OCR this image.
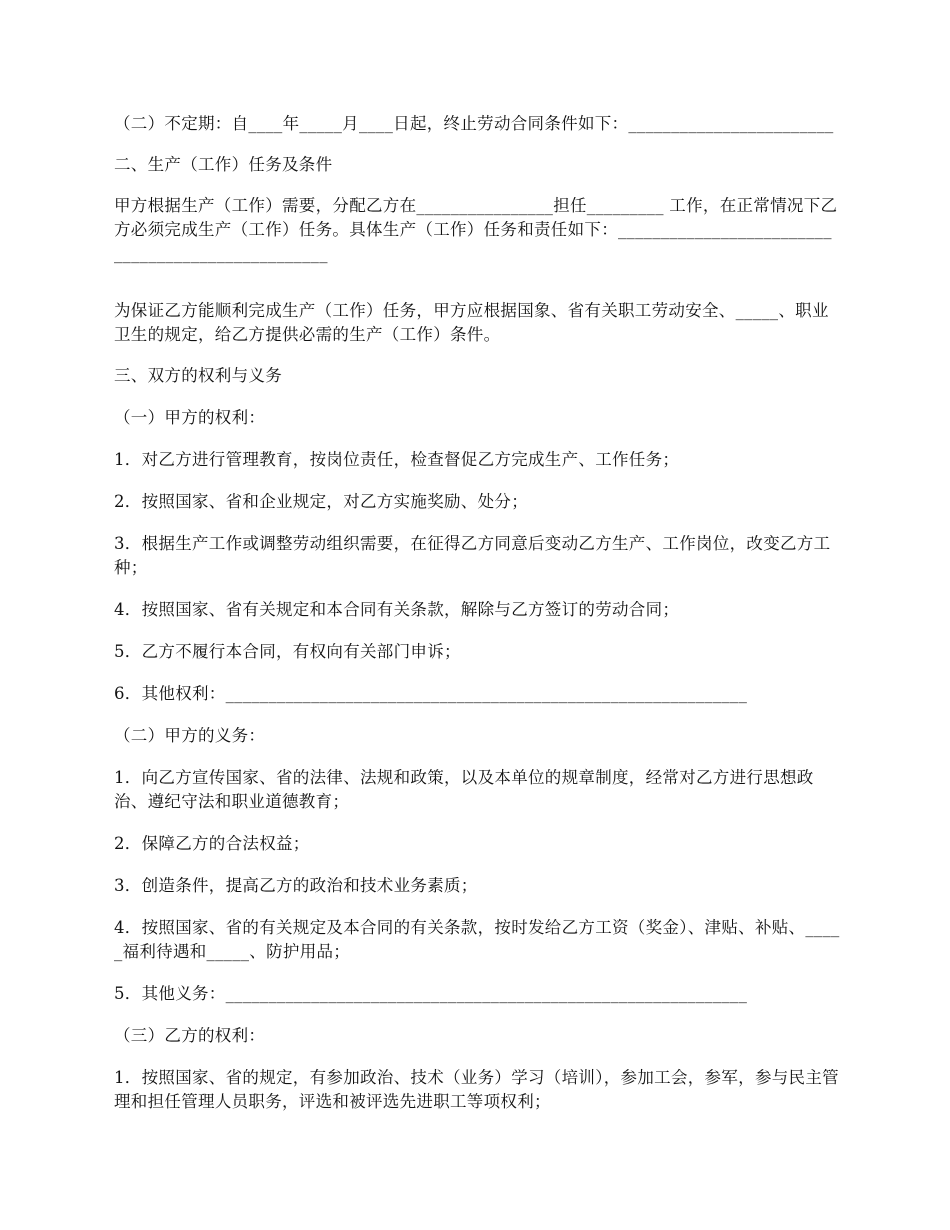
（二）不定期：自____年_____月____日起，终止劳动合同条件如下：________________________

二、生产（工作）任务及条件

甲方根据生产（工作）需要，分配乙方在________________担任_________ 工作，在正常情况下乙方必须完成生产（工作）任务。具体生产（工作）任务和责任如下：__________________________________________________

为保证乙方能顺利完成生产（工作）任务，甲方应根据国象、省有关职工劳动安全、_____、职业卫生的规定，给乙方提供必需的生产（工作）条件。

三、双方的权利与义务

（一）甲方的权利：

1．对乙方进行管理教育，按岗位责任，检查督促乙方完成生产、工作任务；

2．按照国家、省和企业规定，对乙方实施奖励、处分；

3．根据生产工作或调整劳动组织需要，在征得乙方同意后变动乙方生产、工作岗位，改变乙方工种；

4．按照国家、省有关规定和本合同有关条款，解除与乙方签订的劳动合同；

5．乙方不履行本合同，有权向有关部门申诉；

6．其他权利：_____________________________________________________________

（二）甲方的义务：

1．向乙方宣传国家、省的法律、法规和政策，以及本单位的规章制度，经常对乙方进行思想政治、遵纪守法和职业道德教育；

2．保障乙方的合法权益；

3．创造条件，提高乙方的政治和技术业务素质；

4．按照国家、省的有关规定及本合同的有关条款，按时发给乙方工资（奖金）、津贴、补贴、_____福利待遇和_____、防护用品；

5．其他义务：_____________________________________________________________

（三）乙方的权利：

1．按照国家、省的规定，有参加政治、技术（业务）学习（培训），参加工会，参军，参与民主管理和担任管理人员职务，评选和被评选先进职工等项权利；
